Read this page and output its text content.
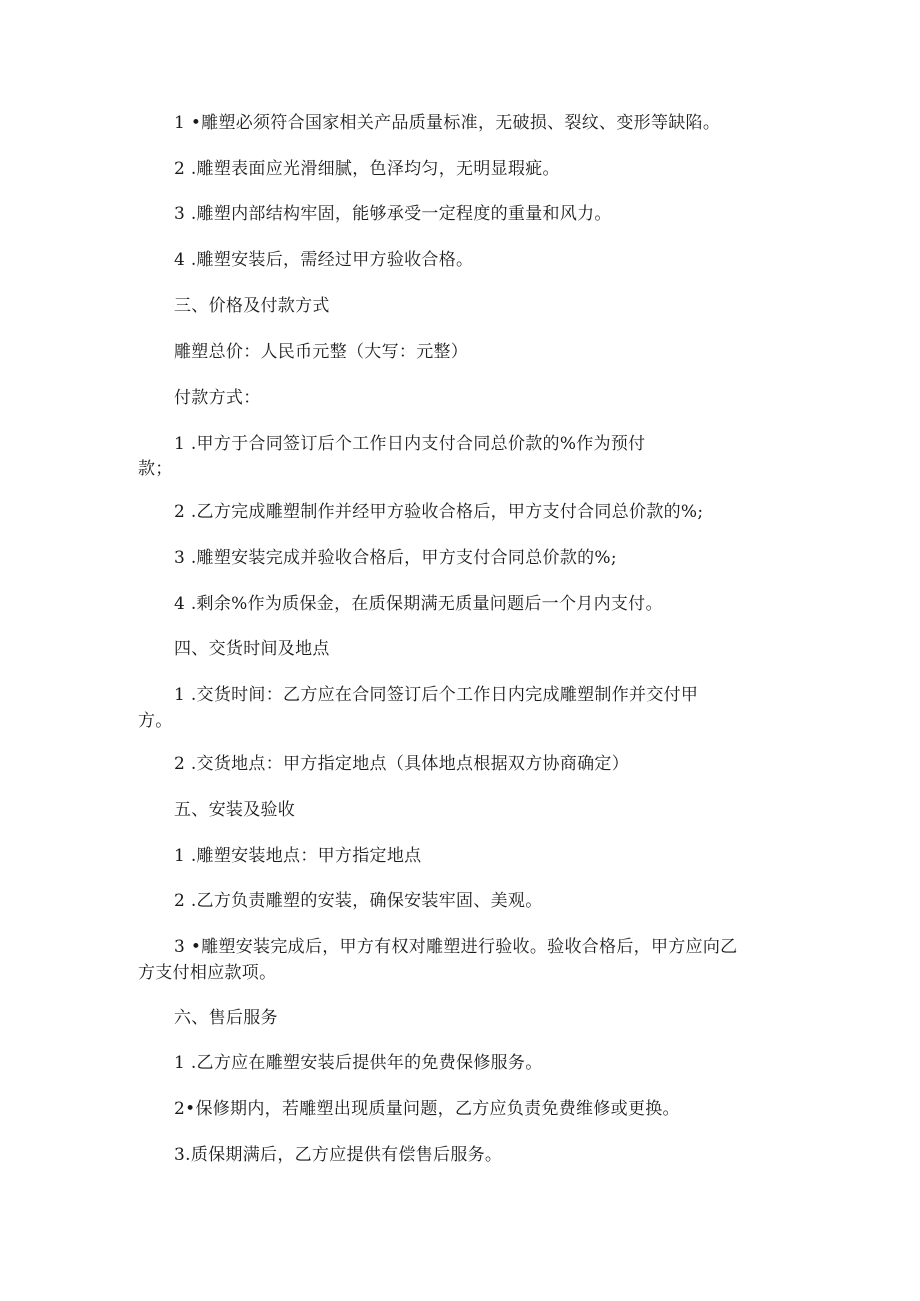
1 •雕塑必须符合国家相关产品质量标准，无破损、裂纹、变形等缺陷。
2 .雕塑表面应光滑细腻，色泽均匀，无明显瑕疵。
3 .雕塑内部结构牢固，能够承受一定程度的重量和风力。
4 .雕塑安装后，需经过甲方验收合格。
三、价格及付款方式
雕塑总价：人民币元整（大写：元整）
付款方式：
1 .甲方于合同签订后个工作日内支付合同总价款的%作为预付
款；
2 .乙方完成雕塑制作并经甲方验收合格后，甲方支付合同总价款的%;
3 .雕塑安装完成并验收合格后，甲方支付合同总价款的%;
4 .剩余%作为质保金，在质保期满无质量问题后一个月内支付。
四、交货时间及地点
1 .交货时间：乙方应在合同签订后个工作日内完成雕塑制作并交付甲
方。
2 .交货地点：甲方指定地点（具体地点根据双方协商确定）
五、安装及验收
1 .雕塑安装地点：甲方指定地点
2 .乙方负责雕塑的安装，确保安装牢固、美观。
3 •雕塑安装完成后，甲方有权对雕塑进行验收。验收合格后，甲方应向乙
方支付相应款项。
六、售后服务
1 .乙方应在雕塑安装后提供年的免费保修服务。
2•保修期内，若雕塑出现质量问题，乙方应负责免费维修或更换。
3.质保期满后，乙方应提供有偿售后服务。
